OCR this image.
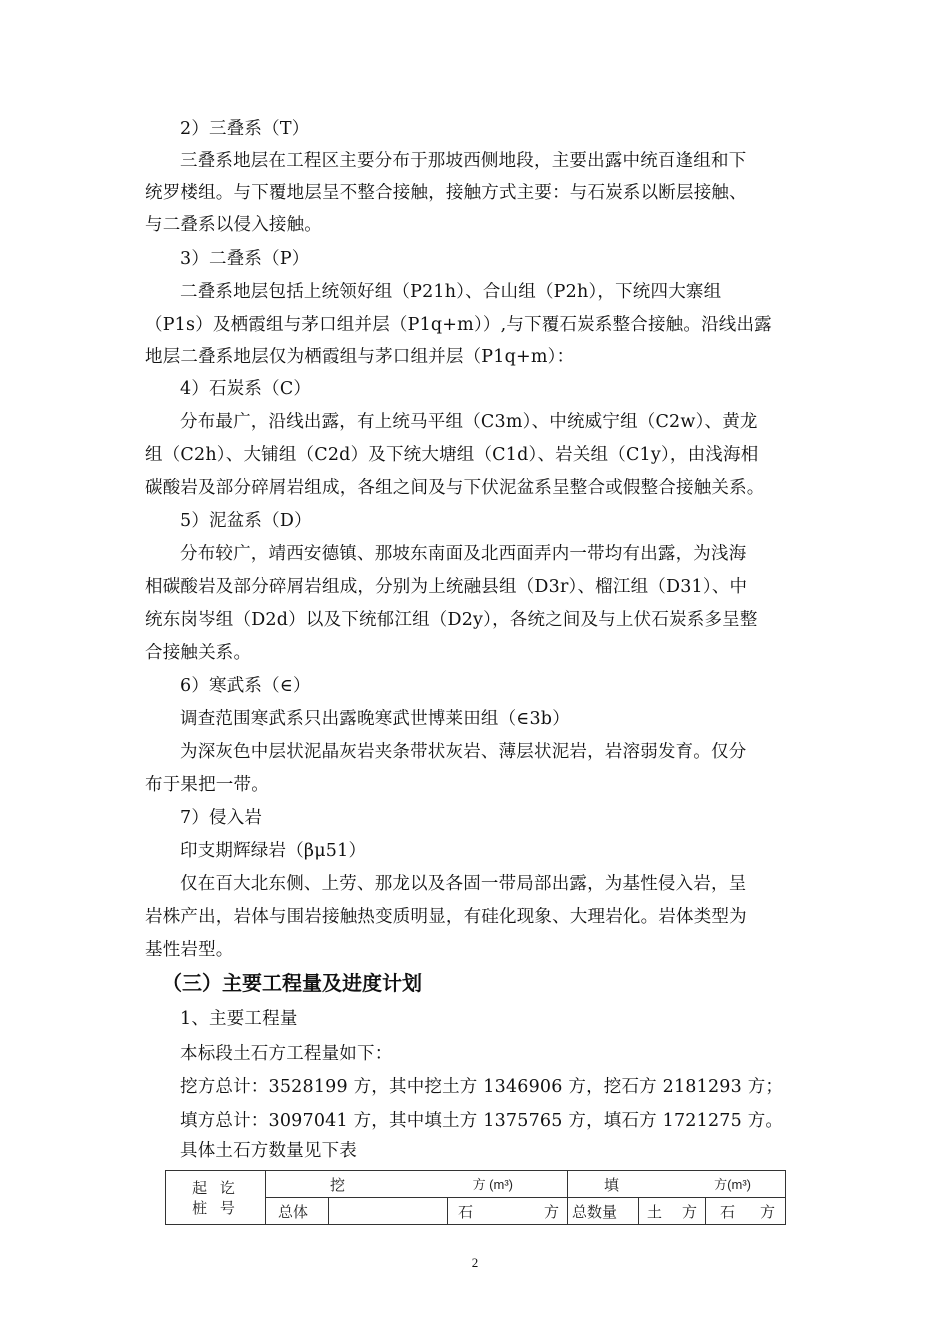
2）三叠系（T）
三叠系地层在工程区主要分布于那坡西侧地段，主要出露中统百逢组和下
统罗楼组。与下覆地层呈不整合接触，接触方式主要：与石炭系以断层接触、
与二叠系以侵入接触。
3）二叠系（P）
二叠系地层包括上统领好组（P21h）、合山组（P2h），下统四大寨组
（P1s）及栖霞组与茅口组并层（P1q+m））,与下覆石炭系整合接触。沿线出露
地层二叠系地层仅为栖霞组与茅口组并层（P1q+m）：
4）石炭系（C）
分布最广，沿线出露，有上统马平组（C3m）、中统威宁组（C2w）、黄龙
组（C2h）、大铺组（C2d）及下统大塘组（C1d）、岩关组（C1y），由浅海相
碳酸岩及部分碎屑岩组成，各组之间及与下伏泥盆系呈整合或假整合接触关系。
5）泥盆系（D）
分布较广，靖西安德镇、那坡东南面及北西面弄内一带均有出露，为浅海
相碳酸岩及部分碎屑岩组成，分别为上统融县组（D3r）、榴江组（D31）、中
统东岗岑组（D2d）以及下统郁江组（D2y），各统之间及与上伏石炭系多呈整
合接触关系。
6）寒武系（∈）
调查范围寒武系只出露晚寒武世博莱田组（∈3b）
为深灰色中层状泥晶灰岩夹条带状灰岩、薄层状泥岩，岩溶弱发育。仅分
布于果把一带。
7）侵入岩
印支期辉绿岩（βμ51）
仅在百大北东侧、上劳、那龙以及各固一带局部出露，为基性侵入岩，呈
岩株产出，岩体与围岩接触热变质明显，有硅化现象、大理岩化。岩体类型为
基性岩型。
（三）主要工程量及进度计划
1、主要工程量
本标段土石方工程量如下：
挖方总计：3528199 方，其中挖土方 1346906 方，挖石方 2181293 方；
填方总计：3097041 方，其中填土方 1375765 方，填石方 1721275 方。
具体土石方数量见下表
起 讫 桩 号	挖 方 (m³)			填 方(m³)		

	总体		石 方	总数量	土 方	石 方
2
